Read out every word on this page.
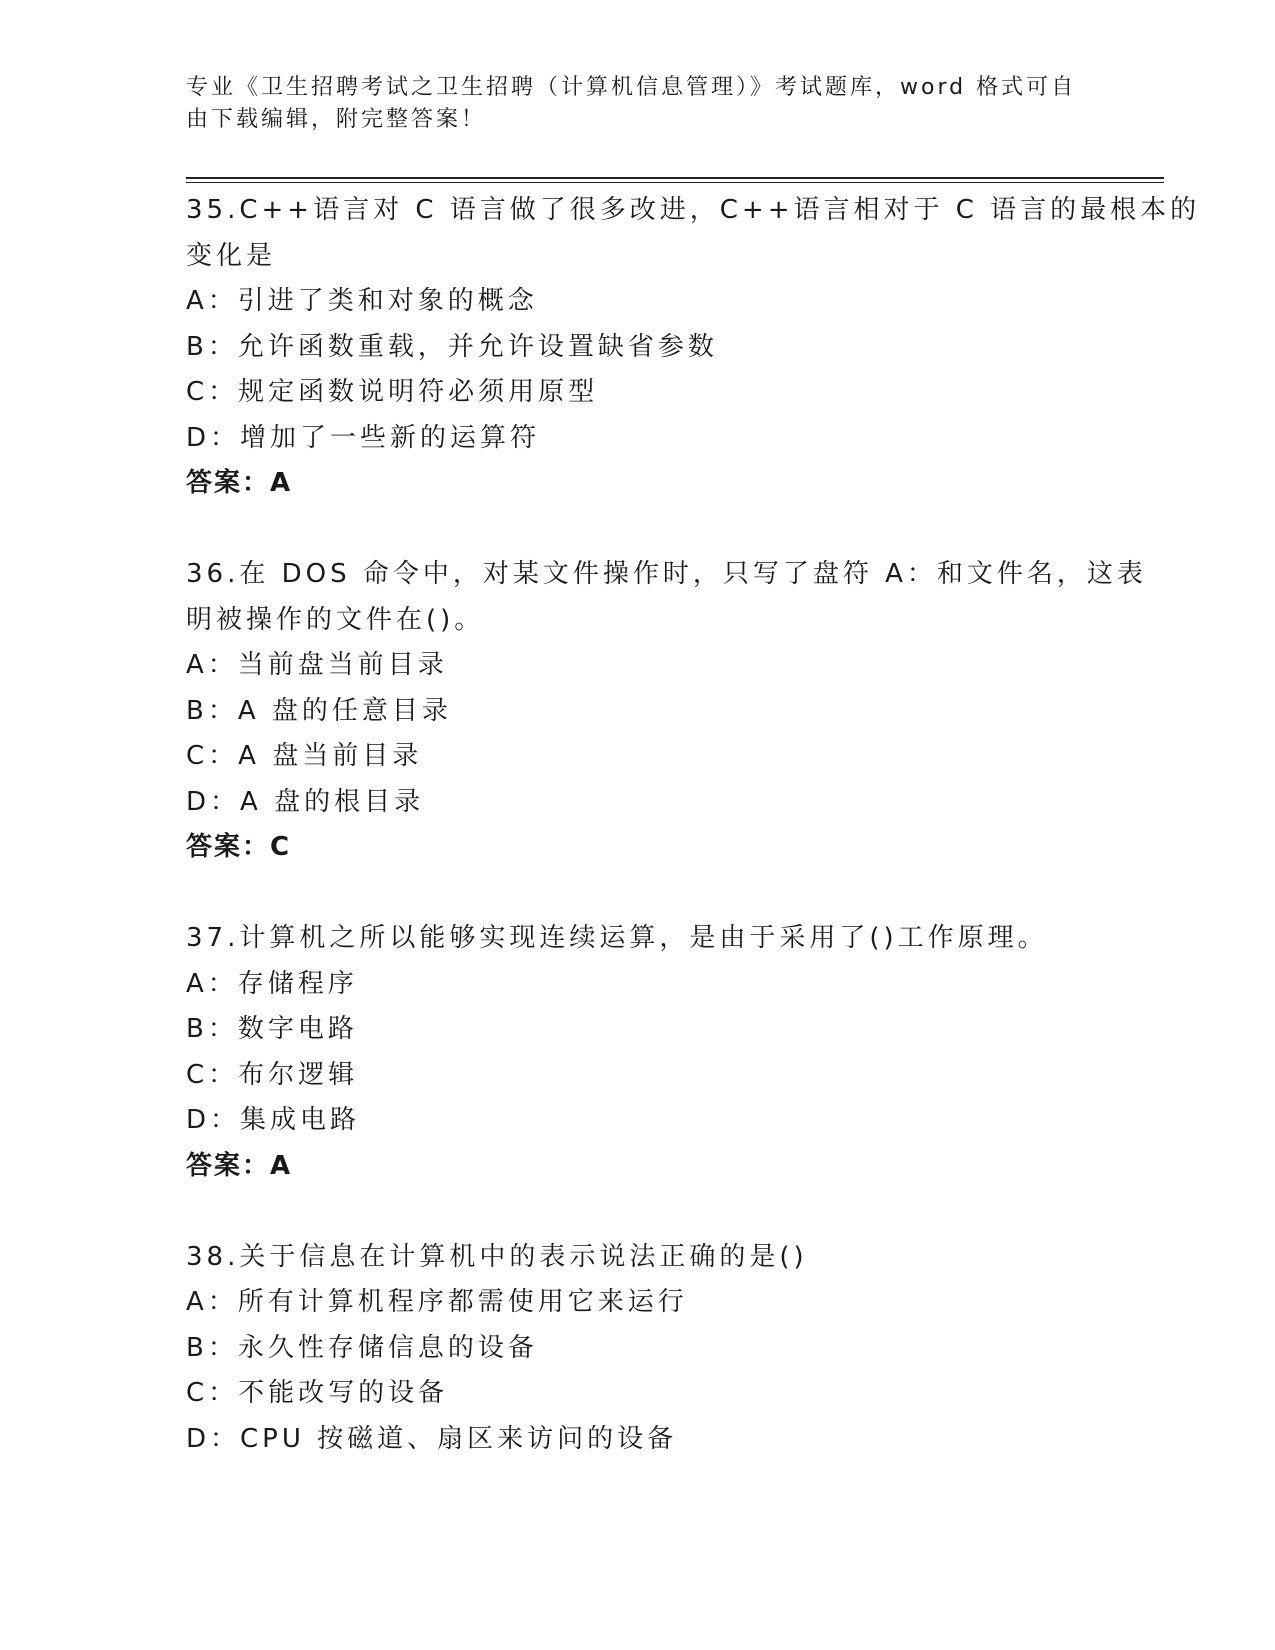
专业《卫生招聘考试之卫生招聘（计算机信息管理）》考试题库，word 格式可自
由下载编辑，附完整答案！
35.C++语言对 C 语言做了很多改进，C++语言相对于 C 语言的最根本的
变化是
A：引进了类和对象的概念
B：允许函数重载，并允许设置缺省参数
C：规定函数说明符必须用原型
D：增加了一些新的运算符
答案：A
36.在 DOS 命令中，对某文件操作时，只写了盘符 A：和文件名，这表
明被操作的文件在()。
A：当前盘当前目录
B：A 盘的任意目录
C：A 盘当前目录
D：A 盘的根目录
答案：C
37.计算机之所以能够实现连续运算，是由于采用了()工作原理。
A：存储程序
B：数字电路
C：布尔逻辑
D：集成电路
答案：A
38.关于信息在计算机中的表示说法正确的是()
A：所有计算机程序都需使用它来运行
B：永久性存储信息的设备
C：不能改写的设备
D：CPU 按磁道、扇区来访问的设备
